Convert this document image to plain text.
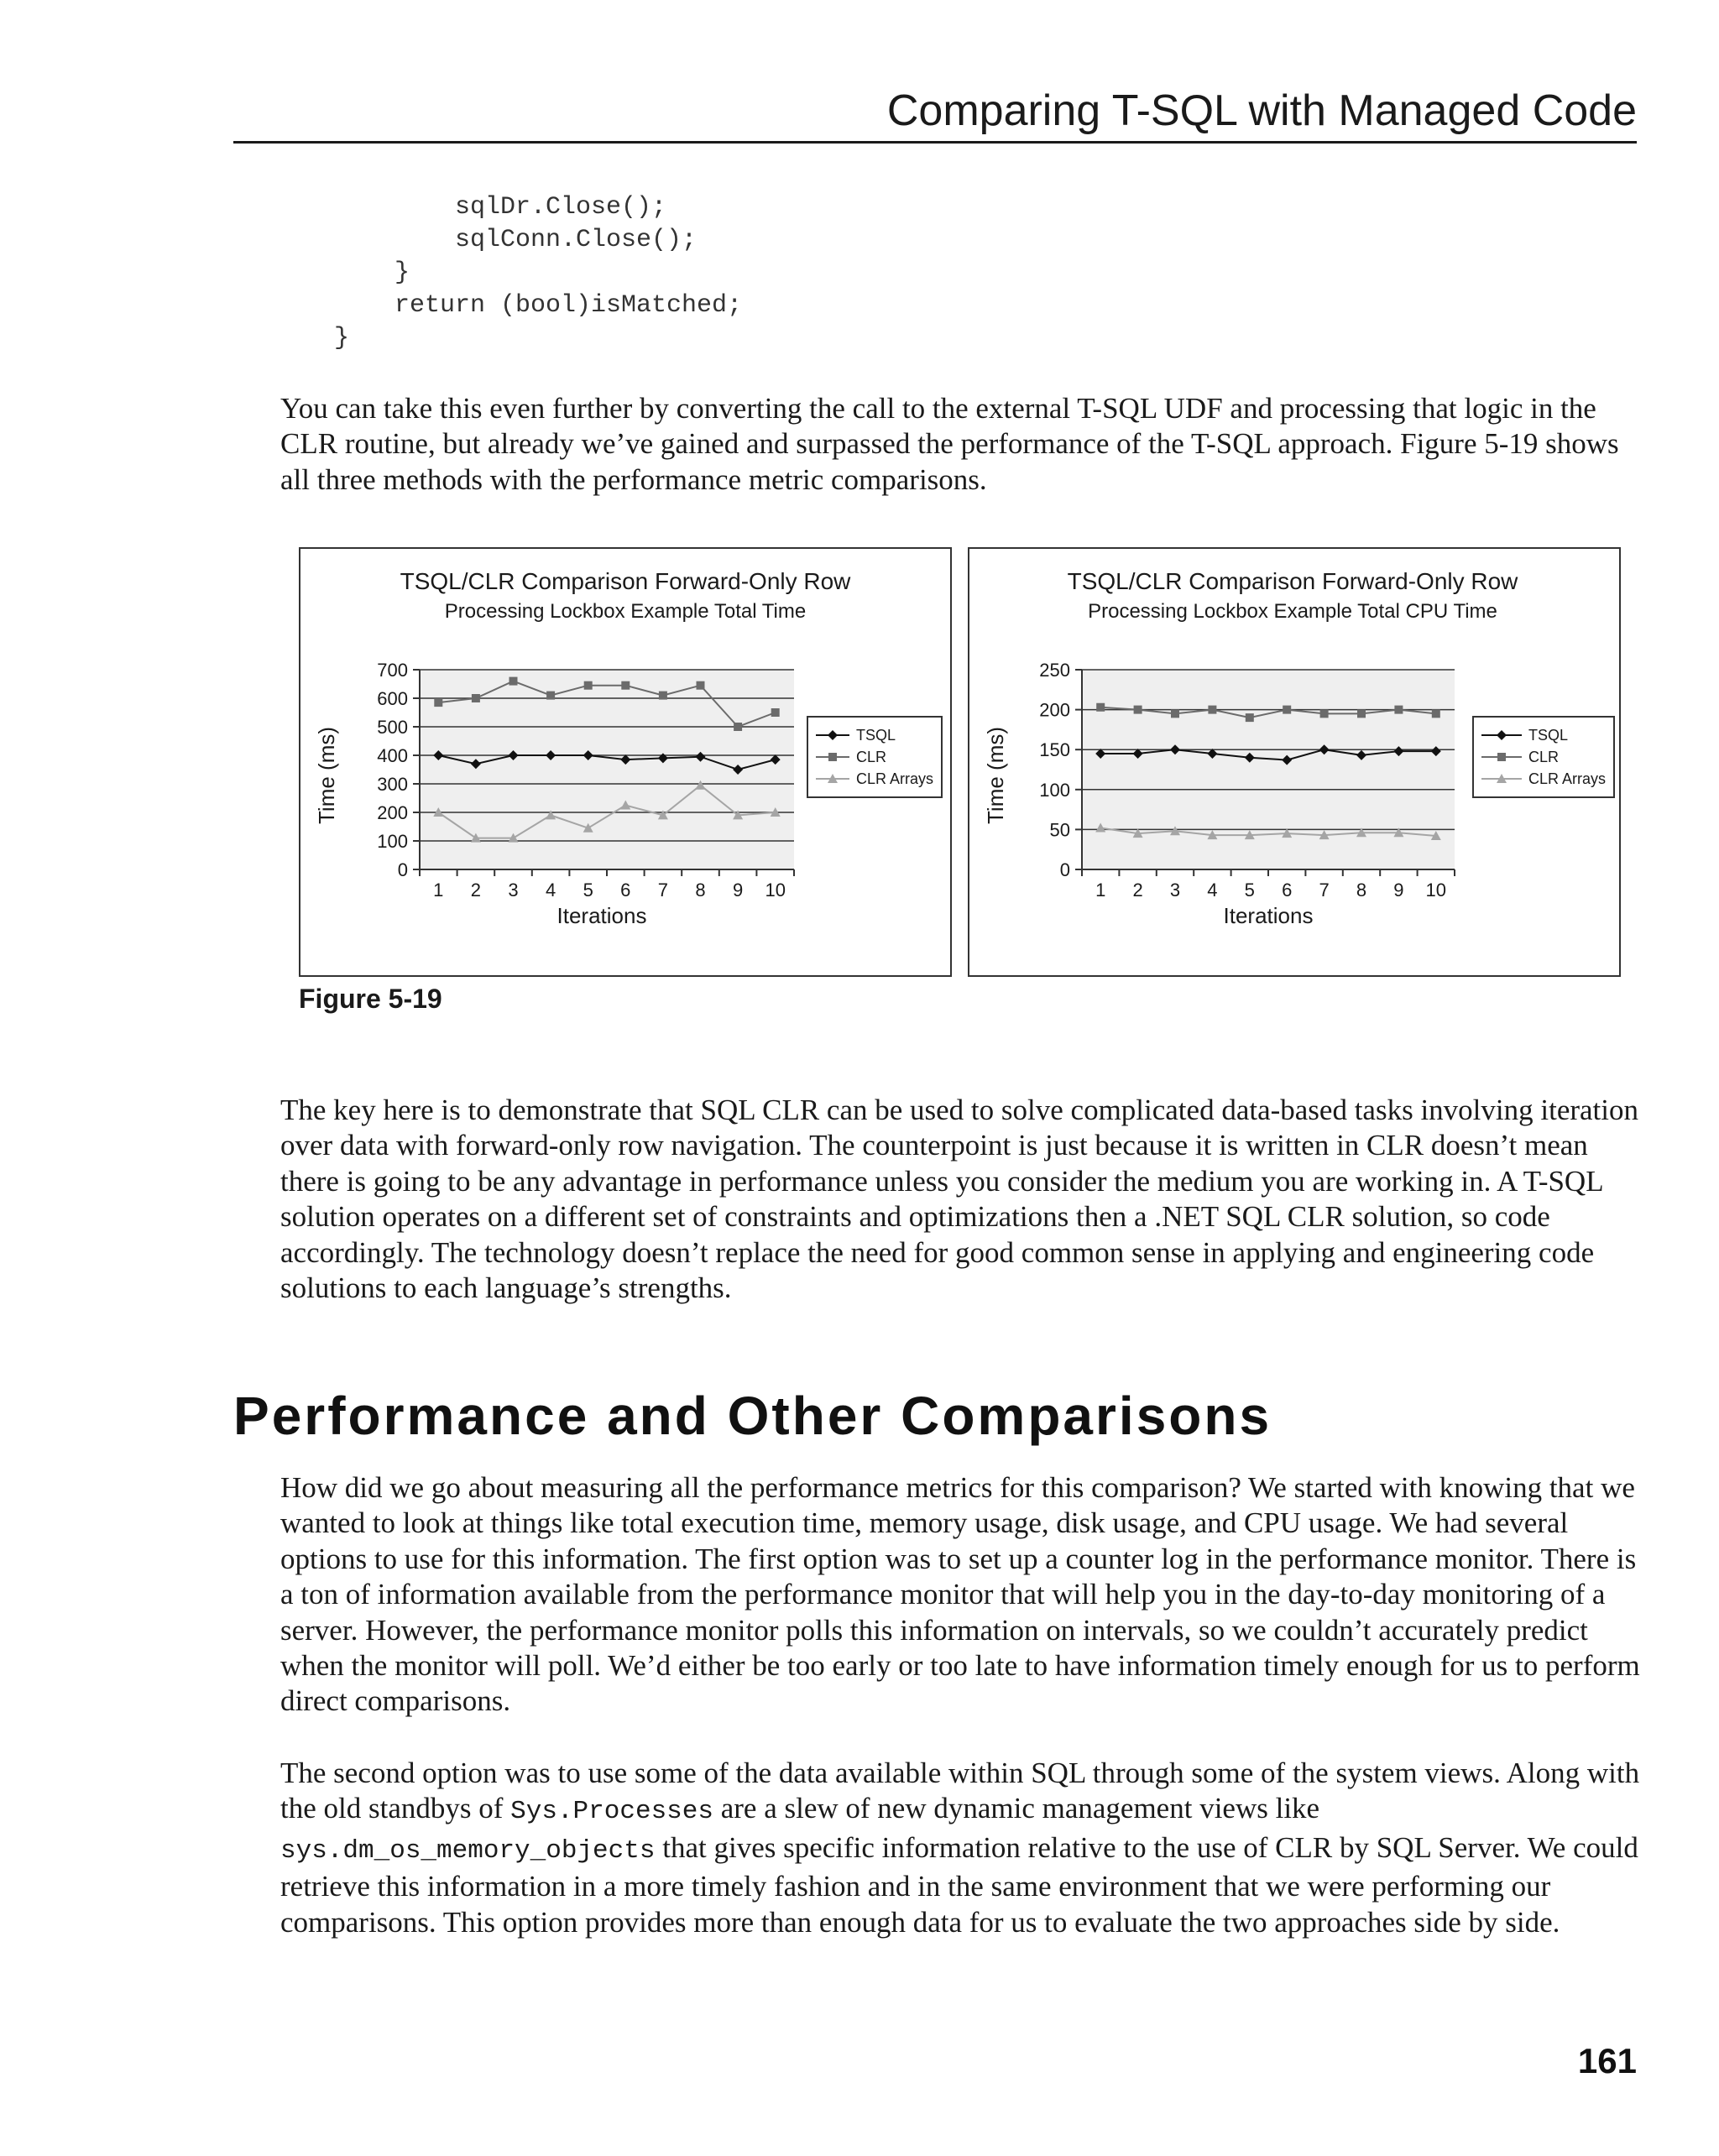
Comparing T-SQL with Managed Code
sqlDr.Close();
sqlConn.Close();
}
return (bool)isMatched;
}

You can take this even further by converting the call to the external T-SQL UDF and processing that logic in the CLR routine, but already we’ve gained and surpassed the performance of the T-SQL approach. Figure 5-19 shows all three methods with the performance metric comparisons.

TSQL/CLR Comparison Forward-Only Row
Processing Lockbox Example Total Time
Iterations
Time (ms)
0
100
200
300
400
500
600
700
1 2 3 4 5 6 7 8 9 10
TSQL
CLR
CLR Arrays
TSQL/CLR Comparison Forward-Only Row
Processing Lockbox Example Total CPU Time
Iterations
Time (ms)
0
50
100
150
200
250
1 2 3 4 5 6 7 8 9 10
TSQL
CLR
CLR Arrays
Figure 5-19

The key here is to demonstrate that SQL CLR can be used to solve complicated data-based tasks involving iteration over data with forward-only row navigation. The counterpoint is just because it is written in CLR doesn’t mean there is going to be any advantage in performance unless you consider the medium you are working in. A T-SQL solution operates on a different set of constraints and optimizations then a .NET SQL CLR solution, so code accordingly. The technology doesn’t replace the need for good common sense in applying and engineering code solutions to each language’s strengths.

Performance and Other Comparisons

How did we go about measuring all the performance metrics for this comparison? We started with knowing that we wanted to look at things like total execution time, memory usage, disk usage, and CPU usage. We had several options to use for this information. The first option was to set up a counter log in the performance monitor. There is a ton of information available from the performance monitor that will help you in the day-to-day monitoring of a server. However, the performance monitor polls this information on intervals, so we couldn’t accurately predict when the monitor will poll. We’d either be too early or too late to have information timely enough for us to perform direct comparisons.

The second option was to use some of the data available within SQL through some of the system views. Along with the old standbys of Sys.Processes are a slew of new dynamic management views like sys.dm_os_memory_objects that gives specific information relative to the use of CLR by SQL Server. We could retrieve this information in a more timely fashion and in the same environment that we were performing our comparisons. This option provides more than enough data for us to evaluate the two approaches side by side.

161
